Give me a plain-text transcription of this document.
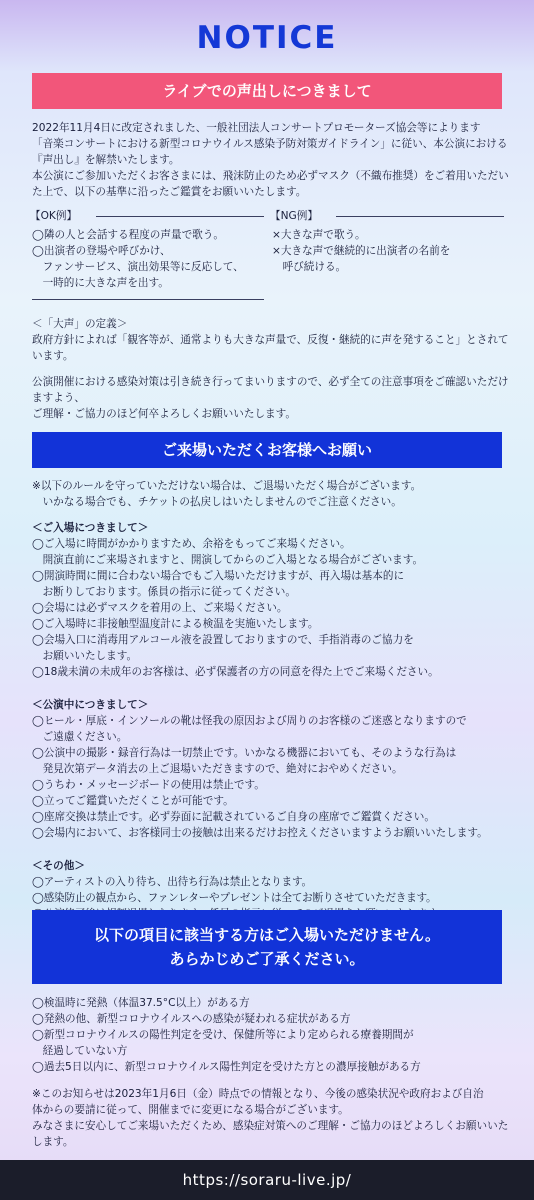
NOTICE
ライブでの声出しにつきまして
2022年11月4日に改定されました、一般社団法人コンサートプロモーターズ協会等によります
「音楽コンサートにおける新型コロナウイルス感染予防対策ガイドライン」に従い、本公演における
『声出し』を解禁いたします。
本公演にご参加いただくお客さまには、飛沫防止のため必ずマスク（不織布推奨）をご着用いただい
た上で、以下の基準に沿ったご鑑賞をお願いいたします。
【OK例】
◯隣の人と会話する程度の声量で歌う。
◯出演者の登場や呼びかけ、
　ファンサービス、演出効果等に反応して、
　一時的に大きな声を出す。
【NG例】
×大きな声で歌う。
×大きな声で継続的に出演者の名前を
　呼び続ける。
＜「大声」の定義＞
政府方針によれば「観客等が、通常よりも大きな声量で、反復・継続的に声を発すること」とされて
います。
公演開催における感染対策は引き続き行ってまいりますので、必ず全ての注意事項をご確認いただけ
ますよう、
ご理解・ご協力のほど何卒よろしくお願いいたします。
ご来場いただくお客様へお願い
※以下のルールを守っていただけない場合は、ご退場いただく場合がございます。
　いかなる場合でも、チケットの払戻しはいたしませんのでご注意ください。
＜ご入場につきまして＞
◯ご入場に時間がかかりますため、余裕をもってご来場ください。
　開演直前にご来場されますと、開演してからのご入場となる場合がございます。
◯開演時間に間に合わない場合でもご入場いただけますが、再入場は基本的に
　お断りしております。係員の指示に従ってください。
◯会場には必ずマスクを着用の上、ご来場ください。
◯ご入場時に非接触型温度計による検温を実施いたします。
◯会場入口に消毒用アルコール液を設置しておりますので、手指消毒のご協力を
　お願いいたします。
◯18歳未満の未成年のお客様は、必ず保護者の方の同意を得た上でご来場ください。
＜公演中につきまして＞
◯ヒール・厚底・インソールの靴は怪我の原因および周りのお客様のご迷惑となりますので
　ご遠慮ください。
◯公演中の撮影・録音行為は一切禁止です。いかなる機器においても、そのような行為は
　発見次第データ消去の上ご退場いただきますので、絶対におやめください。
◯うちわ・メッセージボードの使用は禁止です。
◯立ってご鑑賞いただくことが可能です。
◯座席交換は禁止です。必ず券面に記載されているご自身の座席でご鑑賞ください。
◯会場内において、お客様同士の接触は出来るだけお控えくださいますようお願いいたします。
＜その他＞
◯アーティストの入り待ち、出待ち行為は禁止となります。
◯感染防止の観点から、ファンレターやプレゼントは全てお断りさせていただきます。

以下の項目に該当する方はご入場いただけません。
あらかじめご了承ください。
◯検温時に発熱（体温37.5°C以上）がある方
◯発熱の他、新型コロナウイルスへの感染が疑われる症状がある方
◯新型コロナウイルスの陽性判定を受け、保健所等により定められる療養期間が
　経過していない方
◯過去5日以内に、新型コロナウイルス陽性判定を受けた方との濃厚接触がある方
※このお知らせは2023年1月6日（金）時点での情報となり、今後の感染状況や政府および自治
体からの要請に従って、開催までに変更になる場合がございます。
みなさまに安心してご来場いただくため、感染症対策へのご理解・ご協力のほどよろしくお願いいた
します。
https://soraru-live.jp/
